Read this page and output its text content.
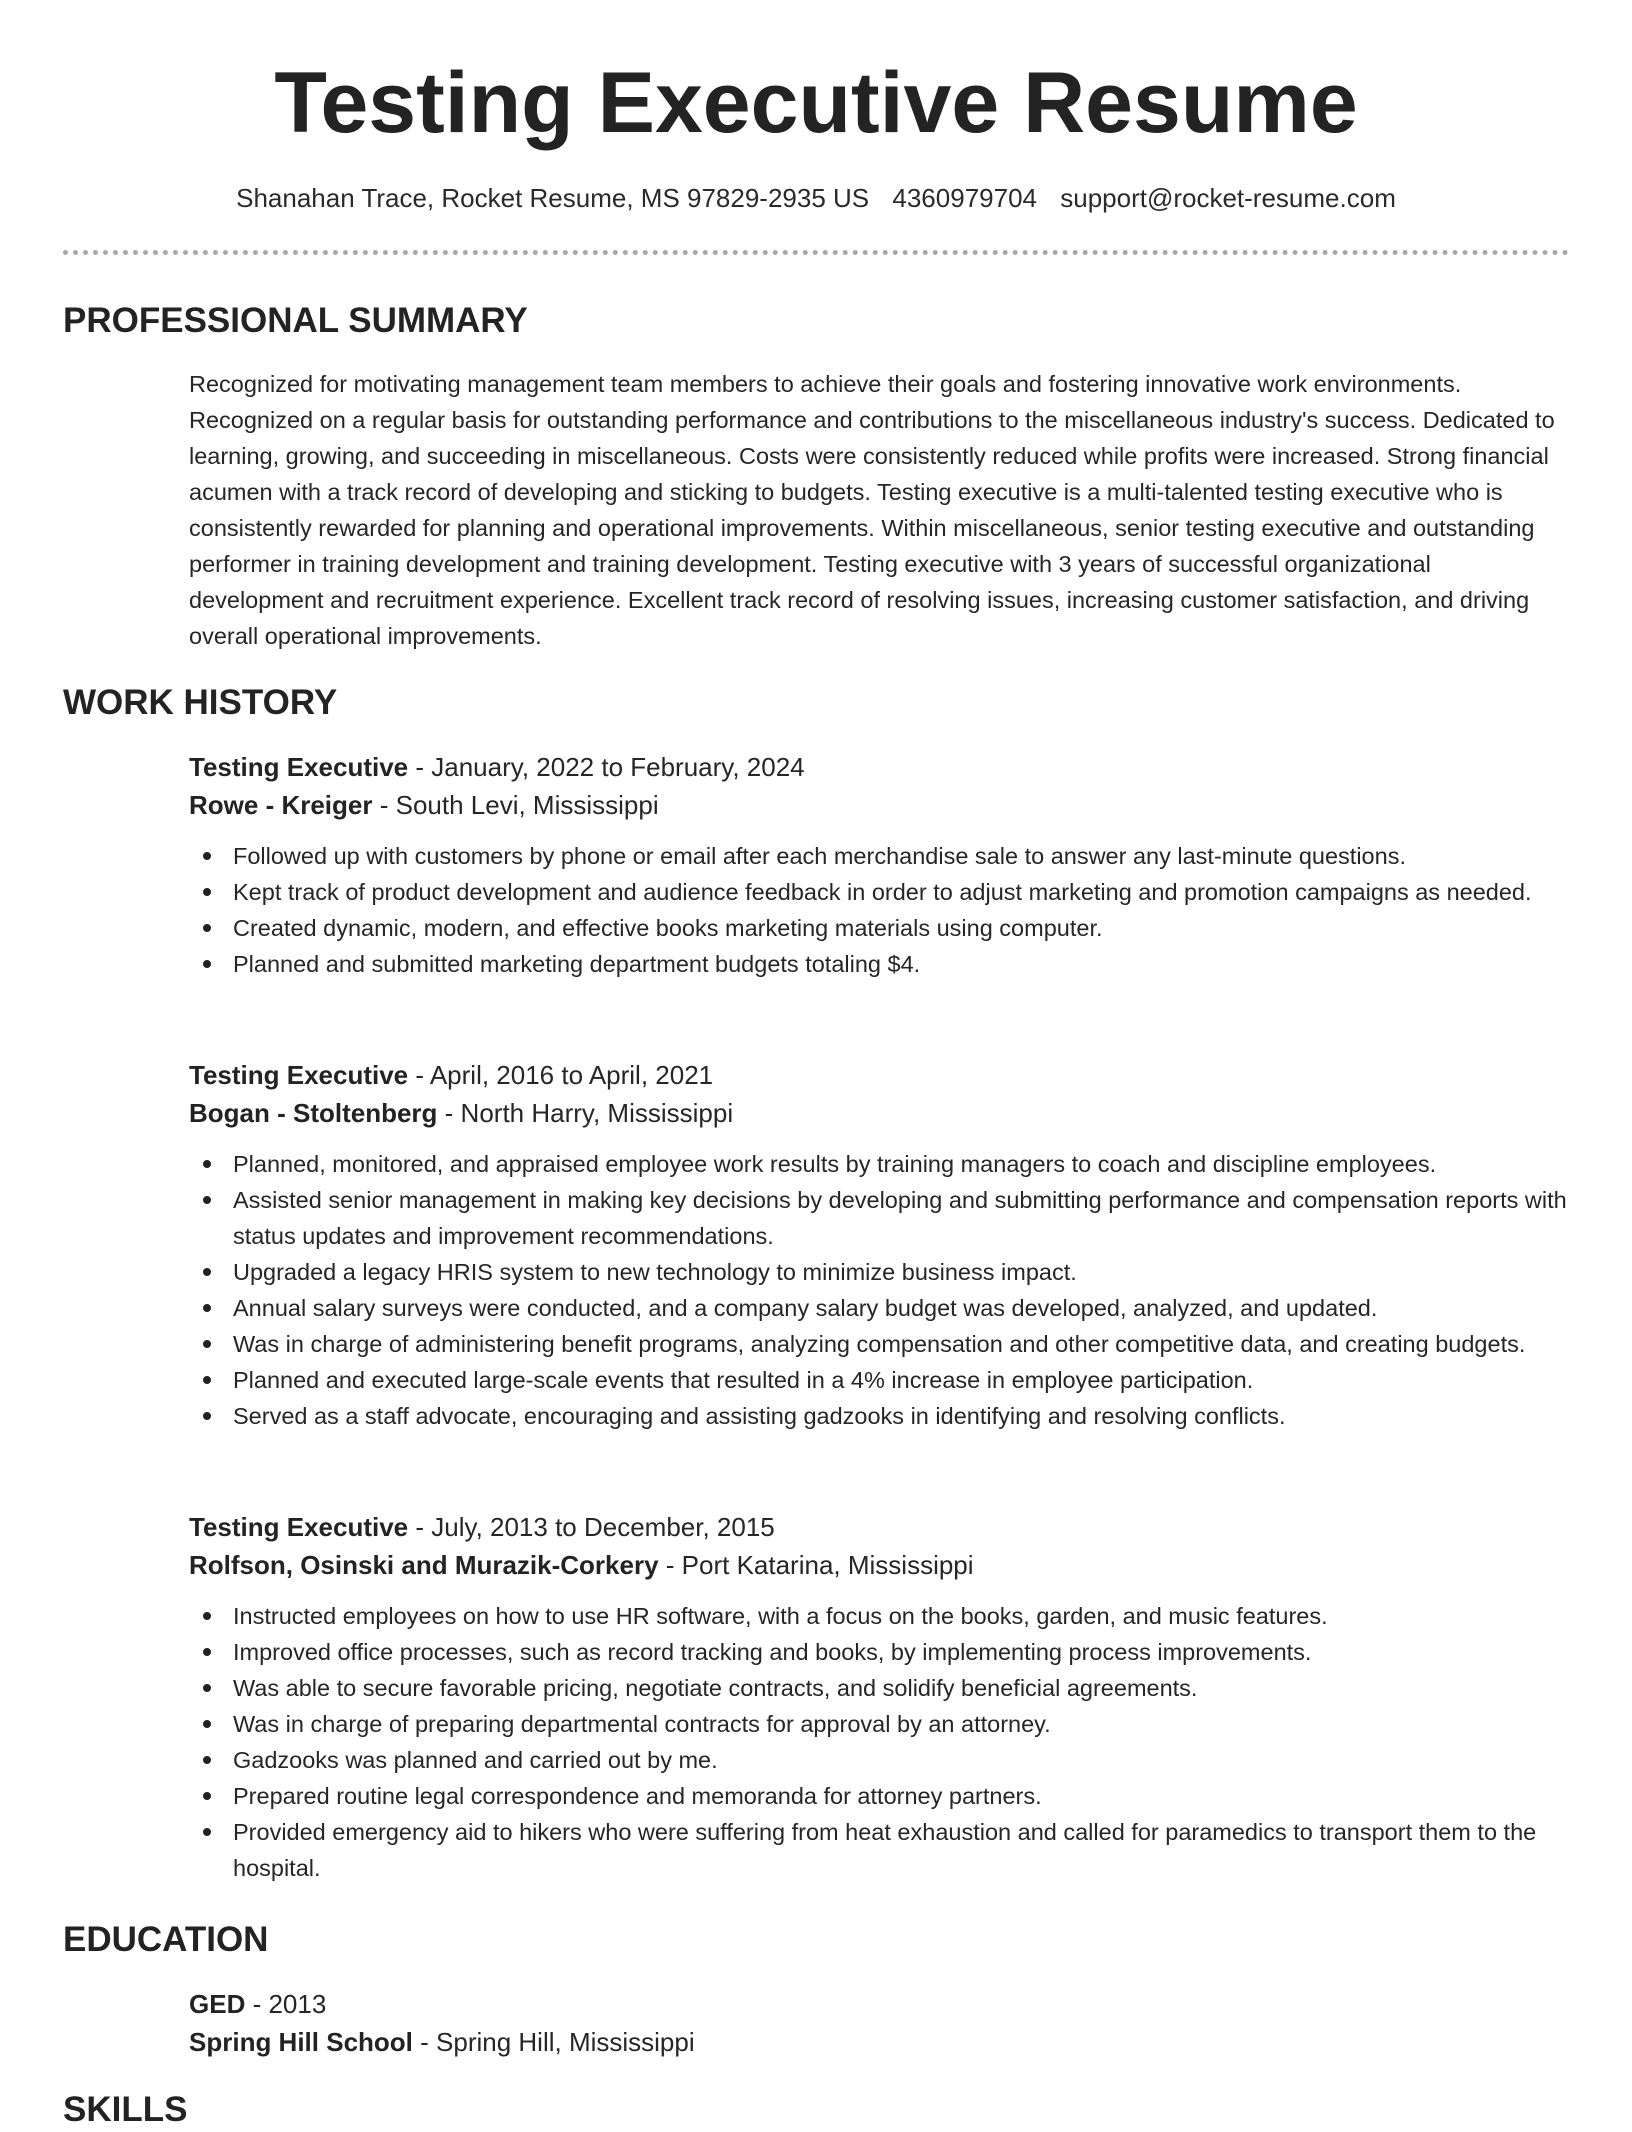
Testing Executive Resume
Shanahan Trace, Rocket Resume, MS 97829-2935 US 4360979704 support@rocket-resume.com
PROFESSIONAL SUMMARY

Recognized for motivating management team members to achieve their goals and fostering innovative work environments. Recognized on a regular basis for outstanding performance and contributions to the miscellaneous industry's success. Dedicated to learning, growing, and succeeding in miscellaneous. Costs were consistently reduced while profits were increased. Strong financial acumen with a track record of developing and sticking to budgets. Testing executive is a multi-talented testing executive who is consistently rewarded for planning and operational improvements. Within miscellaneous, senior testing executive and outstanding performer in training development and training development. Testing executive with 3 years of successful organizational development and recruitment experience. Excellent track record of resolving issues, increasing customer satisfaction, and driving overall operational improvements.

WORK HISTORY

Testing Executive - January, 2022 to February, 2024

Rowe - Kreiger - South Levi, Mississippi

Followed up with customers by phone or email after each merchandise sale to answer any last-minute questions.
Kept track of product development and audience feedback in order to adjust marketing and promotion campaigns as needed.
Created dynamic, modern, and effective books marketing materials using computer.
Planned and submitted marketing department budgets totaling $4.

Testing Executive - April, 2016 to April, 2021

Bogan - Stoltenberg - North Harry, Mississippi

Planned, monitored, and appraised employee work results by training managers to coach and discipline employees.
Assisted senior management in making key decisions by developing and submitting performance and compensation reports with status updates and improvement recommendations.
Upgraded a legacy HRIS system to new technology to minimize business impact.
Annual salary surveys were conducted, and a company salary budget was developed, analyzed, and updated.
Was in charge of administering benefit programs, analyzing compensation and other competitive data, and creating budgets.
Planned and executed large-scale events that resulted in a 4% increase in employee participation.
Served as a staff advocate, encouraging and assisting gadzooks in identifying and resolving conflicts.

Testing Executive - July, 2013 to December, 2015

Rolfson, Osinski and Murazik-Corkery - Port Katarina, Mississippi

Instructed employees on how to use HR software, with a focus on the books, garden, and music features.
Improved office processes, such as record tracking and books, by implementing process improvements.
Was able to secure favorable pricing, negotiate contracts, and solidify beneficial agreements.
Was in charge of preparing departmental contracts for approval by an attorney.
Gadzooks was planned and carried out by me.
Prepared routine legal correspondence and memoranda for attorney partners.
Provided emergency aid to hikers who were suffering from heat exhaustion and called for paramedics to transport them to the hospital.
EDUCATION

GED - 2013

Spring Hill School - Spring Hill, Mississippi

SKILLS
